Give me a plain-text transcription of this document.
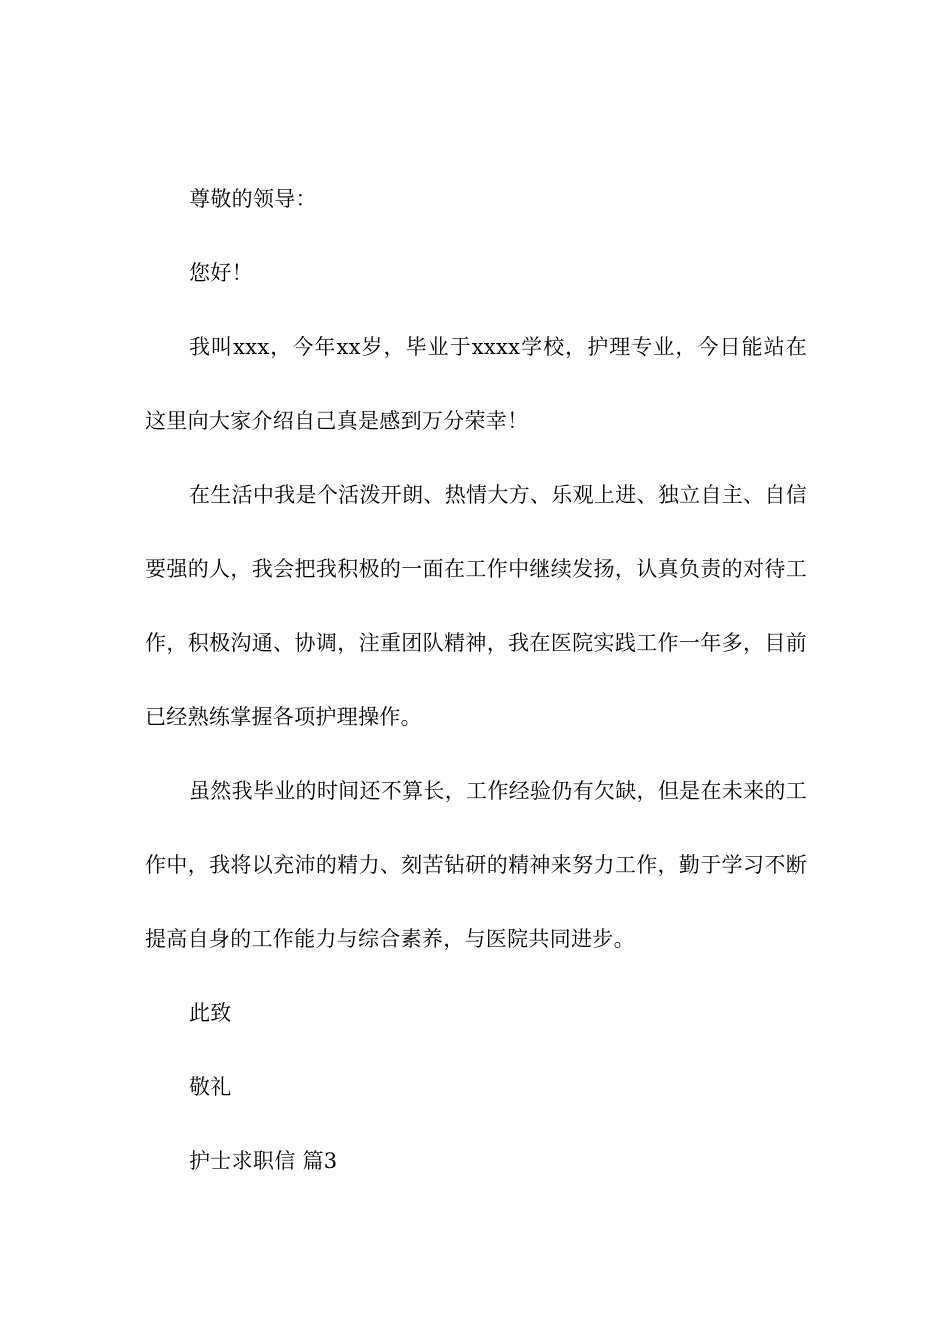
尊敬的领导：

您好！

我叫xxx，今年xx岁，毕业于xxxx学校，护理专业，今日能站在这里向大家介绍自己真是感到万分荣幸！

在生活中我是个活泼开朗、热情大方、乐观上进、独立自主、自信要强的人，我会把我积极的一面在工作中继续发扬，认真负责的对待工作，积极沟通、协调，注重团队精神，我在医院实践工作一年多，目前已经熟练掌握各项护理操作。

虽然我毕业的时间还不算长，工作经验仍有欠缺，但是在未来的工作中，我将以充沛的精力、刻苦钻研的精神来努力工作，勤于学习不断提高自身的工作能力与综合素养，与医院共同进步。

此致

敬礼

护士求职信 篇3
